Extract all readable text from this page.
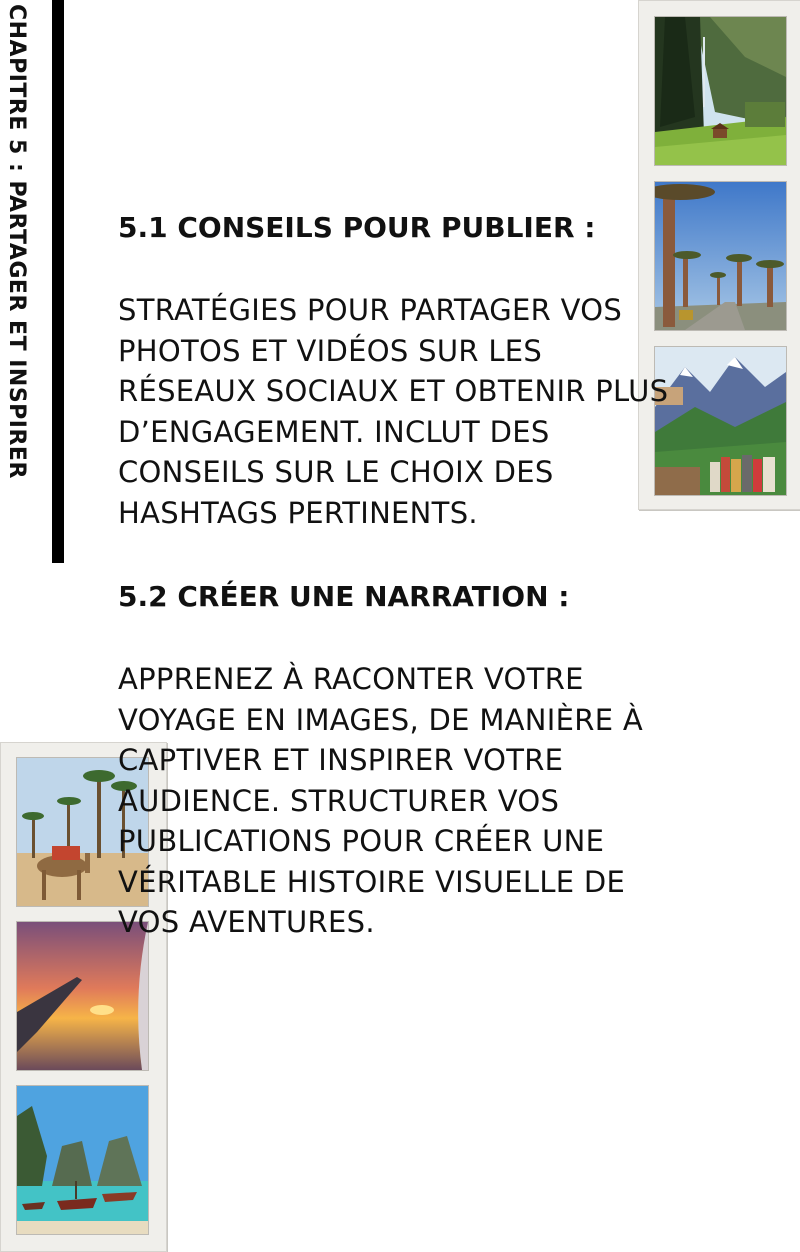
CHAPITRE 5 : PARTAGER ET INSPIRER	5.1 CONSEILS POUR PUBLIER :

STRATÉGIES POUR PARTAGER VOS PHOTOS ET VIDÉOS SUR LES RÉSEAUX SOCIAUX ET OBTENIR PLUS D’ENGAGEMENT. INCLUT DES CONSEILS SUR LE CHOIX DES HASHTAGS PERTINENTS.

5.2 CRÉER UNE NARRATION :

APPRENEZ À RACONTER VOTRE VOYAGE EN IMAGES, DE MANIÈRE À CAPTIVER ET INSPIRER VOTRE AUDIENCE. STRUCTURER VOS PUBLICATIONS POUR CRÉER UNE VÉRITABLE HISTOIRE VISUELLE DE VOS AVENTURES.
